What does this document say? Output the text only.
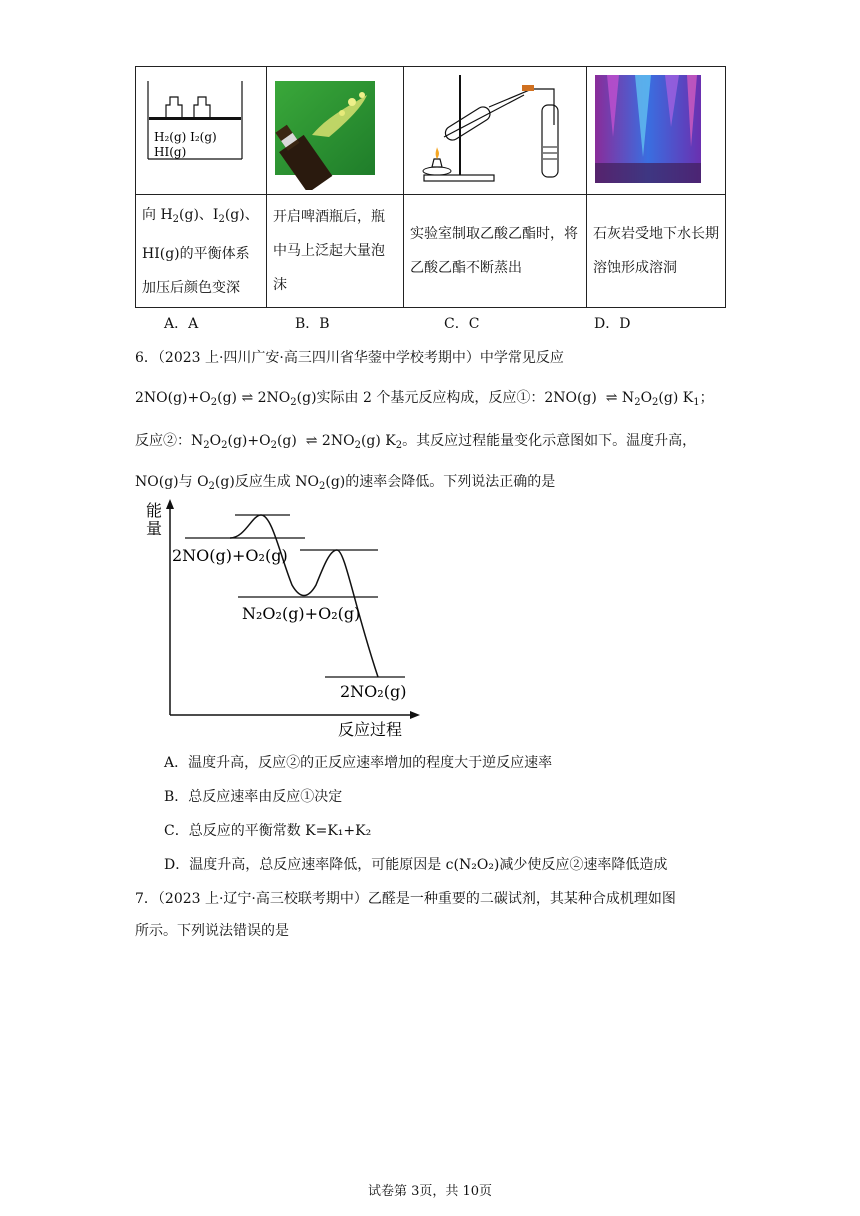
H₂(g) I₂(g)
HI(g)

向 $H_2(g)$、$I_2(g)$、HI(g)的平衡体系加压后颜色变深	开启啤酒瓶后，瓶中马上泛起大量泡沫	实验室制取乙酸乙酯时，将乙酸乙酯不断蒸出	石灰岩受地下水长期溶蚀形成溶洞
A．A	B．B	C．C	D．D
6．（2023 上·四川广安·高三四川省华蓥中学校考期中）中学常见反应
$2NO(g)+O_2(g)$ ⇌ $2NO_2(g)$实际由 2 个基元反应构成，反应①：2NO(g)  ⇌ $N_2O_2(g)$ $K_1$；
反应②：$N_2O_2(g)+O_2(g)$  ⇌ $2NO_2(g)$ $K_2$。其反应过程能量变化示意图如下。温度升高，
NO(g)与 $O_2(g)$反应生成 $NO_2(g)$的速率会降低。下列说法正确的是
能
量
反应过程
2NO(g)+O₂(g)
N₂O₂(g)+O₂(g)
2NO₂(g)
A．温度升高，反应②的正反应速率增加的程度大于逆反应速率
B．总反应速率由反应①决定
C．总反应的平衡常数 K=K₁+K₂
D．温度升高，总反应速率降低，可能原因是 c(N₂O₂)减少使反应②速率降低造成
7．（2023 上·辽宁·高三校联考期中）乙醛是一种重要的二碳试剂，其某种合成机理如图
所示。下列说法错误的是
试卷第 3页，共 10页
